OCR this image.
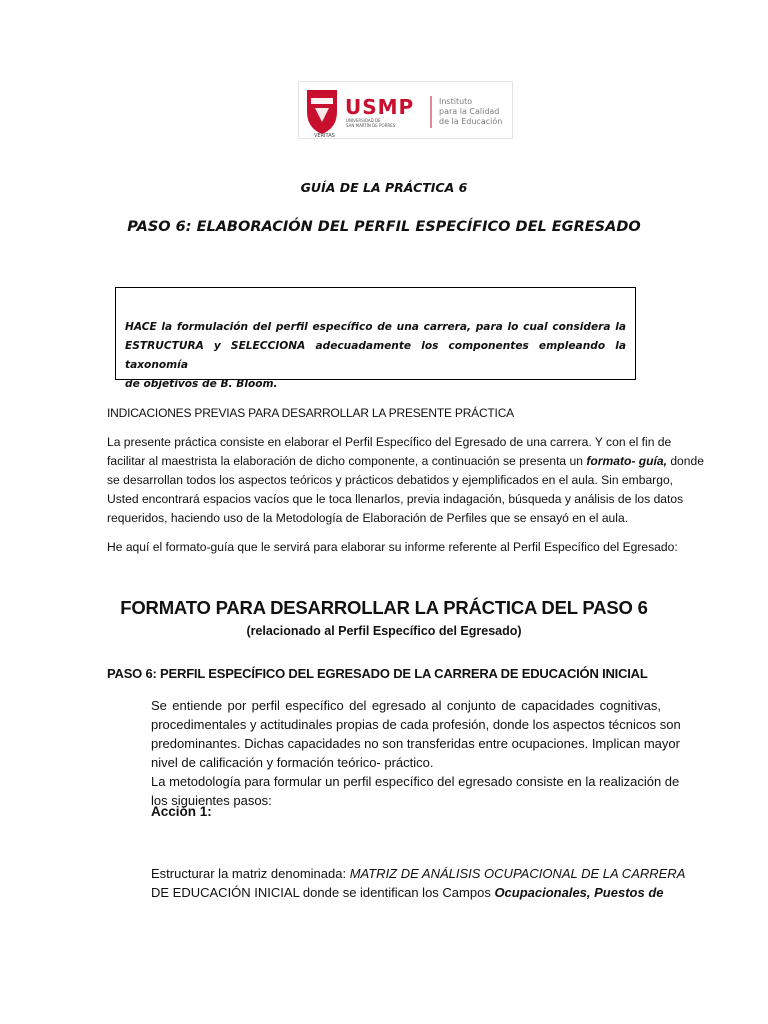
VERITAS
USMP
UNIVERSIDAD DE
SAN MARTÍN DE PORRES
Instituto
para la Calidad
de la Educación
GUÍA DE LA PRÁCTICA 6
PASO 6: ELABORACIÓN DEL PERFIL ESPECÍFICO DEL EGRESADO
HACE la formulación del perfil específico de una carrera, para lo cual considera la
ESTRUCTURA y SELECCIONA adecuadamente los componentes empleando la taxonomía
de objetivos de B. Bloom.
INDICACIONES PREVIAS PARA DESARROLLAR LA PRESENTE PRÁCTICA
La presente práctica consiste en elaborar el Perfil Específico del Egresado de una carrera. Y con el fin de
facilitar al maestrista la elaboración de dicho componente, a continuación se presenta un formato- guía, donde
se desarrollan todos los aspectos teóricos y prácticos debatidos y ejemplificados en el aula. Sin embargo,
Usted encontrará espacios vacíos que le toca llenarlos, previa indagación, búsqueda y análisis de los datos
requeridos, haciendo uso de la Metodología de Elaboración de Perfiles que se ensayó en el aula.
He aquí el formato-guía que le servirá para elaborar su informe referente al Perfil Específico del Egresado:
FORMATO PARA DESARROLLAR LA PRÁCTICA DEL PASO 6
(relacionado al Perfil Específico del Egresado)
PASO 6: PERFIL ESPECÍFICO DEL EGRESADO DE LA CARRERA DE EDUCACIÓN INICIAL
Se entiende por perfil específico del egresado al conjunto de capacidades cognitivas,
procedimentales y actitudinales propias de cada profesión, donde los aspectos técnicos son
predominantes. Dichas capacidades no son transferidas entre ocupaciones. Implican mayor
nivel de calificación y formación teórico- práctico.
La metodología para formular un perfil específico del egresado consiste en la realización de
los siguientes pasos:
Acción 1:
Estructurar la matriz denominada: MATRIZ DE ANÁLISIS OCUPACIONAL DE LA CARRERA
DE EDUCACIÓN INICIAL donde se identifican los Campos Ocupacionales, Puestos de
